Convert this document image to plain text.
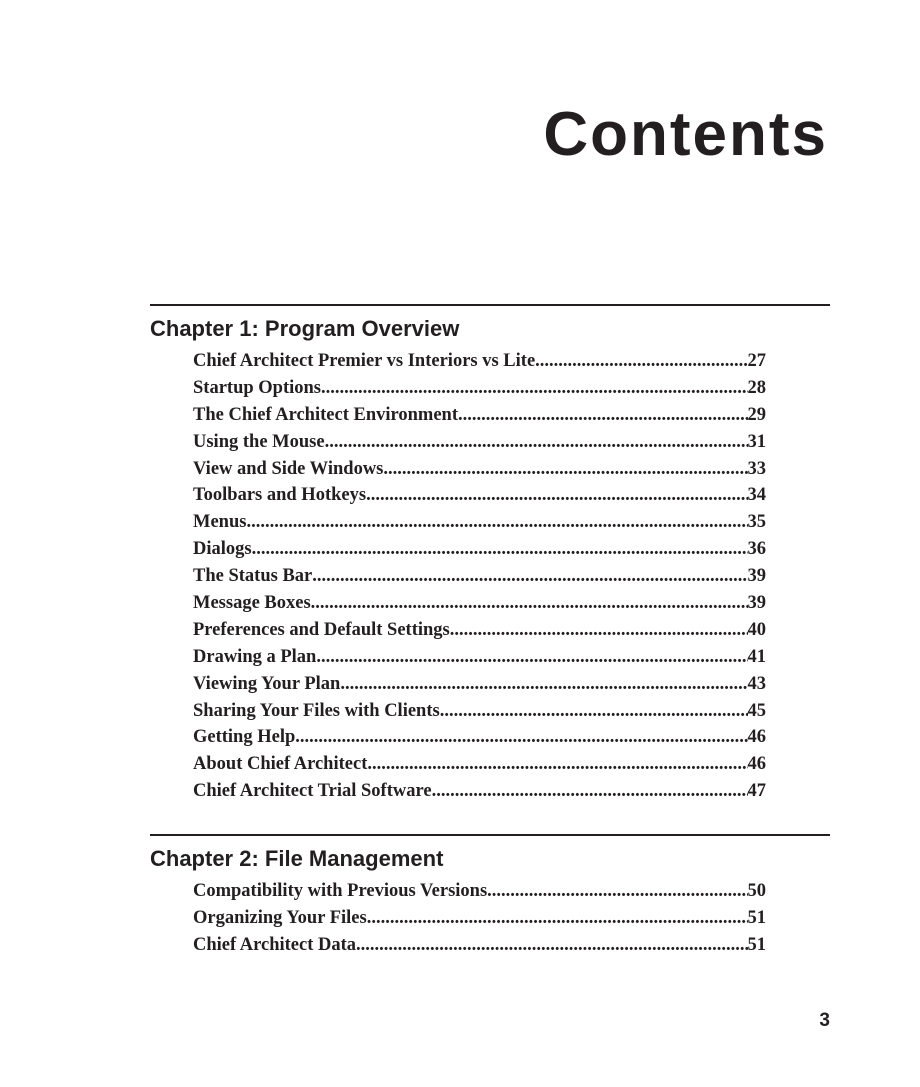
Contents
Chapter 1: Program Overview
Chief Architect Premier vs Interiors vs Lite .....	27
Startup Options .....	28
The Chief Architect Environment .....	29
Using the Mouse .....	31
View and Side Windows .....	33
Toolbars and Hotkeys .....	34
Menus .....	35
Dialogs .....	36
The Status Bar .....	39
Message Boxes .....	39
Preferences and Default Settings .....	40
Drawing a Plan .....	41
Viewing Your Plan .....	43
Sharing Your Files with Clients .....	45
Getting Help .....	46
About Chief Architect .....	46
Chief Architect Trial Software .....	47
Chapter 2: File Management
Compatibility with Previous Versions .....	50
Organizing Your Files .....	51
Chief Architect Data .....	51
3
